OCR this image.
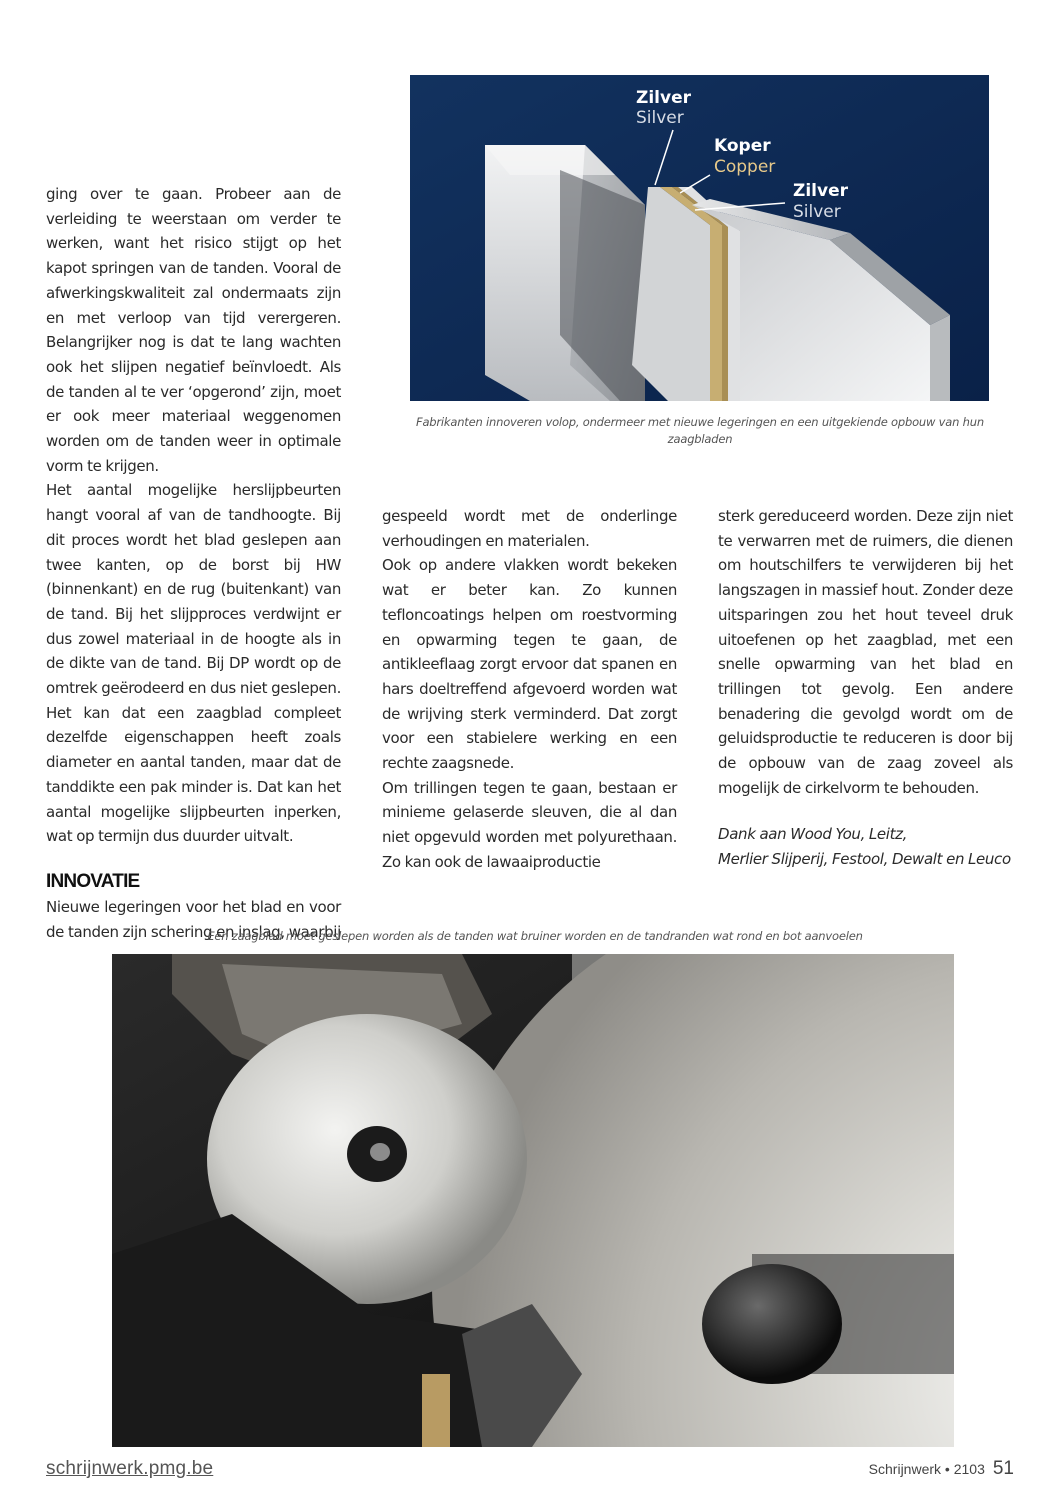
Zilver
Silver
Koper
Copper
Zilver
Silver
Fabrikanten innoveren volop, ondermeer met nieuwe legeringen en een uitgekiende opbouw van hun zaagbladen

ging over te gaan. Probeer aan de verleiding te weerstaan om verder te werken, want het risico stijgt op het kapot springen van de tanden. Vooral de afwerkingskwaliteit zal ondermaats zijn en met verloop van tijd verergeren. Belangrijker nog is dat te lang wachten ook het slijpen negatief beïnvloedt. Als de tanden al te ver ‘opgerond’ zijn, moet er ook meer materiaal weggenomen worden om de tanden weer in optimale vorm te krijgen.

Het aantal mogelijke herslijpbeurten hangt vooral af van de tandhoogte. Bij dit proces wordt het blad geslepen aan twee kanten, op de borst bij HW (binnenkant) en de rug (buitenkant) van de tand. Bij het slijpproces verdwijnt er dus zowel materiaal in de hoogte als in de dikte van de tand. Bij DP wordt op de omtrek geërodeerd en dus niet geslepen. Het kan dat een zaagblad compleet dezelfde eigenschappen heeft zoals diameter en aantal tanden, maar dat de tanddikte een pak minder is. Dat kan het aantal mogelijke slijpbeurten inperken, wat op termijn dus duurder uitvalt.

INNOVATIE

Nieuwe legeringen voor het blad en voor de tanden zijn schering en inslag, waarbij

gespeeld wordt met de onderlinge verhoudingen en materialen.

Ook op andere vlakken wordt bekeken wat er beter kan. Zo kunnen tefloncoatings helpen om roestvorming en opwarming tegen te gaan, de antikleeflaag zorgt ervoor dat spanen en hars doeltreffend afgevoerd worden wat de wrijving sterk verminderd. Dat zorgt voor een stabielere werking en een rechte zaagsnede.

Om trillingen tegen te gaan, bestaan er minieme gelaserde sleuven, die al dan niet opgevuld worden met polyurethaan. Zo kan ook de lawaaiproductie

sterk gereduceerd worden. Deze zijn niet te verwarren met de ruimers, die dienen om houtschilfers te verwijderen bij het langszagen in massief hout. Zonder deze uitsparingen zou het hout teveel druk uitoefenen op het zaagblad, met een snelle opwarming van het blad en trillingen tot gevolg. Een andere benadering die gevolgd wordt om de geluidsproductie te reduceren is door bij de opbouw van de zaag zoveel als mogelijk de cirkelvorm te behouden.

Dank aan Wood You, Leitz,
Merlier Slijperij, Festool, Dewalt en Leuco

Een zaagblad moet geslepen worden als de tanden wat bruiner worden en de tandranden wat rond en bot aanvoelen
schrijnwerk.pmg.be	Schrijnwerk • 2103 51
